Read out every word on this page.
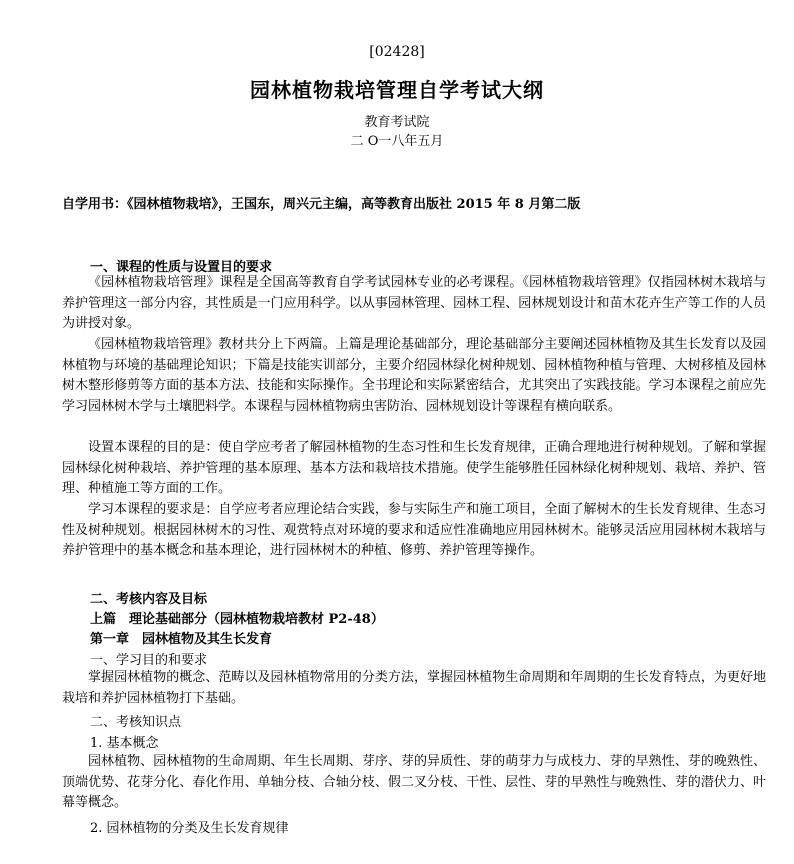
[02428]
园林植物栽培管理自学考试大纲
教育考试院
二 O一八年五月
自学用书：《园林植物栽培》，王国东，周兴元主编，高等教育出版社 2015 年 8 月第二版
一、课程的性质与设置目的要求

《园林植物栽培管理》课程是全国高等教育自学考试园林专业的必考课程。《园林植物栽培管理》仅指园林树木栽培与养护管理这一部分内容，其性质是一门应用科学。以从事园林管理、园林工程、园林规划设计和苗木花卉生产等工作的人员为讲授对象。

《园林植物栽培管理》教材共分上下两篇。上篇是理论基础部分，理论基础部分主要阐述园林植物及其生长发育以及园林植物与环境的基础理论知识；下篇是技能实训部分，主要介绍园林绿化树种规划、园林植物种植与管理、大树移植及园林树木整形修剪等方面的基本方法、技能和实际操作。全书理论和实际紧密结合，尤其突出了实践技能。学习本课程之前应先学习园林树木学与土壤肥料学。本课程与园林植物病虫害防治、园林规划设计等课程有横向联系。

设置本课程的目的是：使自学应考者了解园林植物的生态习性和生长发育规律，正确合理地进行树种规划。了解和掌握园林绿化树种栽培、养护管理的基本原理、基本方法和栽培技术措施。使学生能够胜任园林绿化树种规划、栽培、养护、管理、种植施工等方面的工作。

学习本课程的要求是：自学应考者应理论结合实践，参与实际生产和施工项目，全面了解树木的生长发育规律、生态习性及树种规划。根据园林树木的习性、观赏特点对环境的要求和适应性准确地应用园林树木。能够灵活应用园林树木栽培与养护管理中的基本概念和基本理论，进行园林树木的种植、修剪、养护管理等操作。

二、考核内容及目标
上篇　理论基础部分（园林植物栽培教材 P2-48）
第一章　园林植物及其生长发育
一、学习目的和要求

掌握园林植物的概念、范畴以及园林植物常用的分类方法，掌握园林植物生命周期和年周期的生长发育特点，为更好地栽培和养护园林植物打下基础。

二、考核知识点
1. 基本概念

园林植物、园林植物的生命周期、年生长周期、芽序、芽的异质性、芽的萌芽力与成枝力、芽的早熟性、芽的晚熟性、顶端优势、花芽分化、春化作用、单轴分枝、合轴分枝、假二叉分枝、干性、层性、芽的早熟性与晚熟性、芽的潜伏力、叶幕等概念。

2. 园林植物的分类及生长发育规律
